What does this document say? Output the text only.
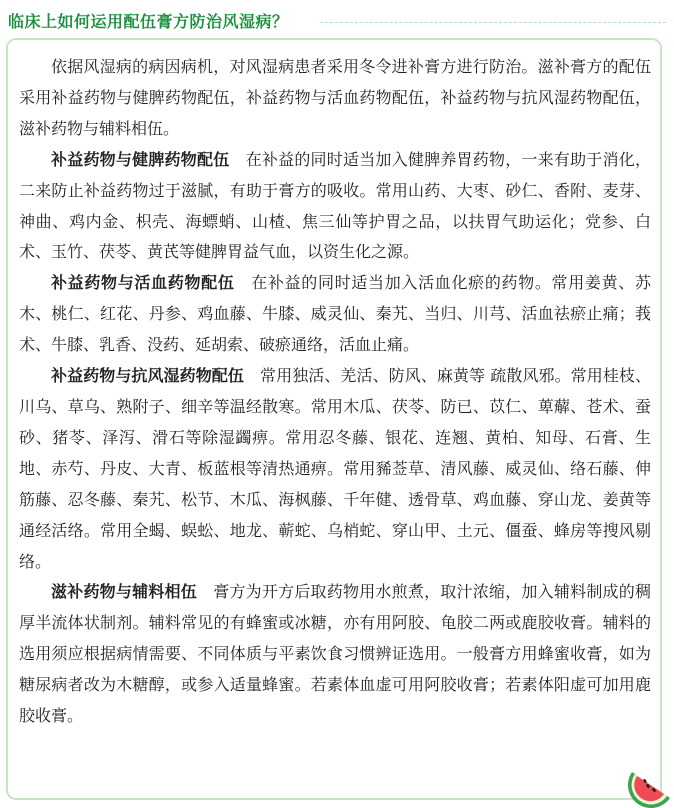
临床上如何运用配伍膏方防治风湿病？

依据风湿病的病因病机，对风湿病患者采用冬令进补膏方进行防治。滋补膏方的配伍采用补益药物与健脾药物配伍，补益药物与活血药物配伍，补益药物与抗风湿药物配伍，滋补药物与辅料相伍。

补益药物与健脾药物配伍　在补益的同时适当加入健脾养胃药物，一来有助于消化，二来防止补益药物过于滋腻，有助于膏方的吸收。常用山药、大枣、砂仁、香附、麦芽、神曲、鸡内金、枳壳、海螵蛸、山楂、焦三仙等护胃之品，以扶胃气助运化；党参、白术、玉竹、茯苓、黄芪等健脾胃益气血，以资生化之源。

补益药物与活血药物配伍　在补益的同时适当加入活血化瘀的药物。常用姜黄、苏木、桃仁、红花、丹参、鸡血藤、牛膝、威灵仙、秦艽、当归、川芎、活血祛瘀止痛；莪术、牛膝、乳香、没药、延胡索、破瘀通络，活血止痛。

补益药物与抗风湿药物配伍　常用独活、羌活、防风、麻黄等 疏散风邪。常用桂枝、川乌、草乌、熟附子、细辛等温经散寒。常用木瓜、茯苓、防已、苡仁、萆薢、苍术、蚕砂、猪苓、泽泻、滑石等除湿蠲痹。常用忍冬藤、银花、连翘、黄柏、知母、石膏、生地、赤芍、丹皮、大青、板蓝根等清热通痹。常用豨莶草、清风藤、威灵仙、络石藤、伸筋藤、忍冬藤、秦艽、松节、木瓜、海枫藤、千年健、透骨草、鸡血藤、穿山龙、姜黄等通经活络。常用全蝎、蜈蚣、地龙、蕲蛇、乌梢蛇、穿山甲、土元、僵蚕、蜂房等搜风剔络。

滋补药物与辅料相伍　膏方为开方后取药物用水煎煮，取汁浓缩，加入辅料制成的稠厚半流体状制剂。辅料常见的有蜂蜜或冰糖，亦有用阿胶、龟胶二两或鹿胶收膏。辅料的选用须应根据病情需要、不同体质与平素饮食习惯辨证选用。一般膏方用蜂蜜收膏，如为糖尿病者改为木糖醇，或参入适量蜂蜜。若素体血虚可用阿胶收膏；若素体阳虚可加用鹿胶收膏。
